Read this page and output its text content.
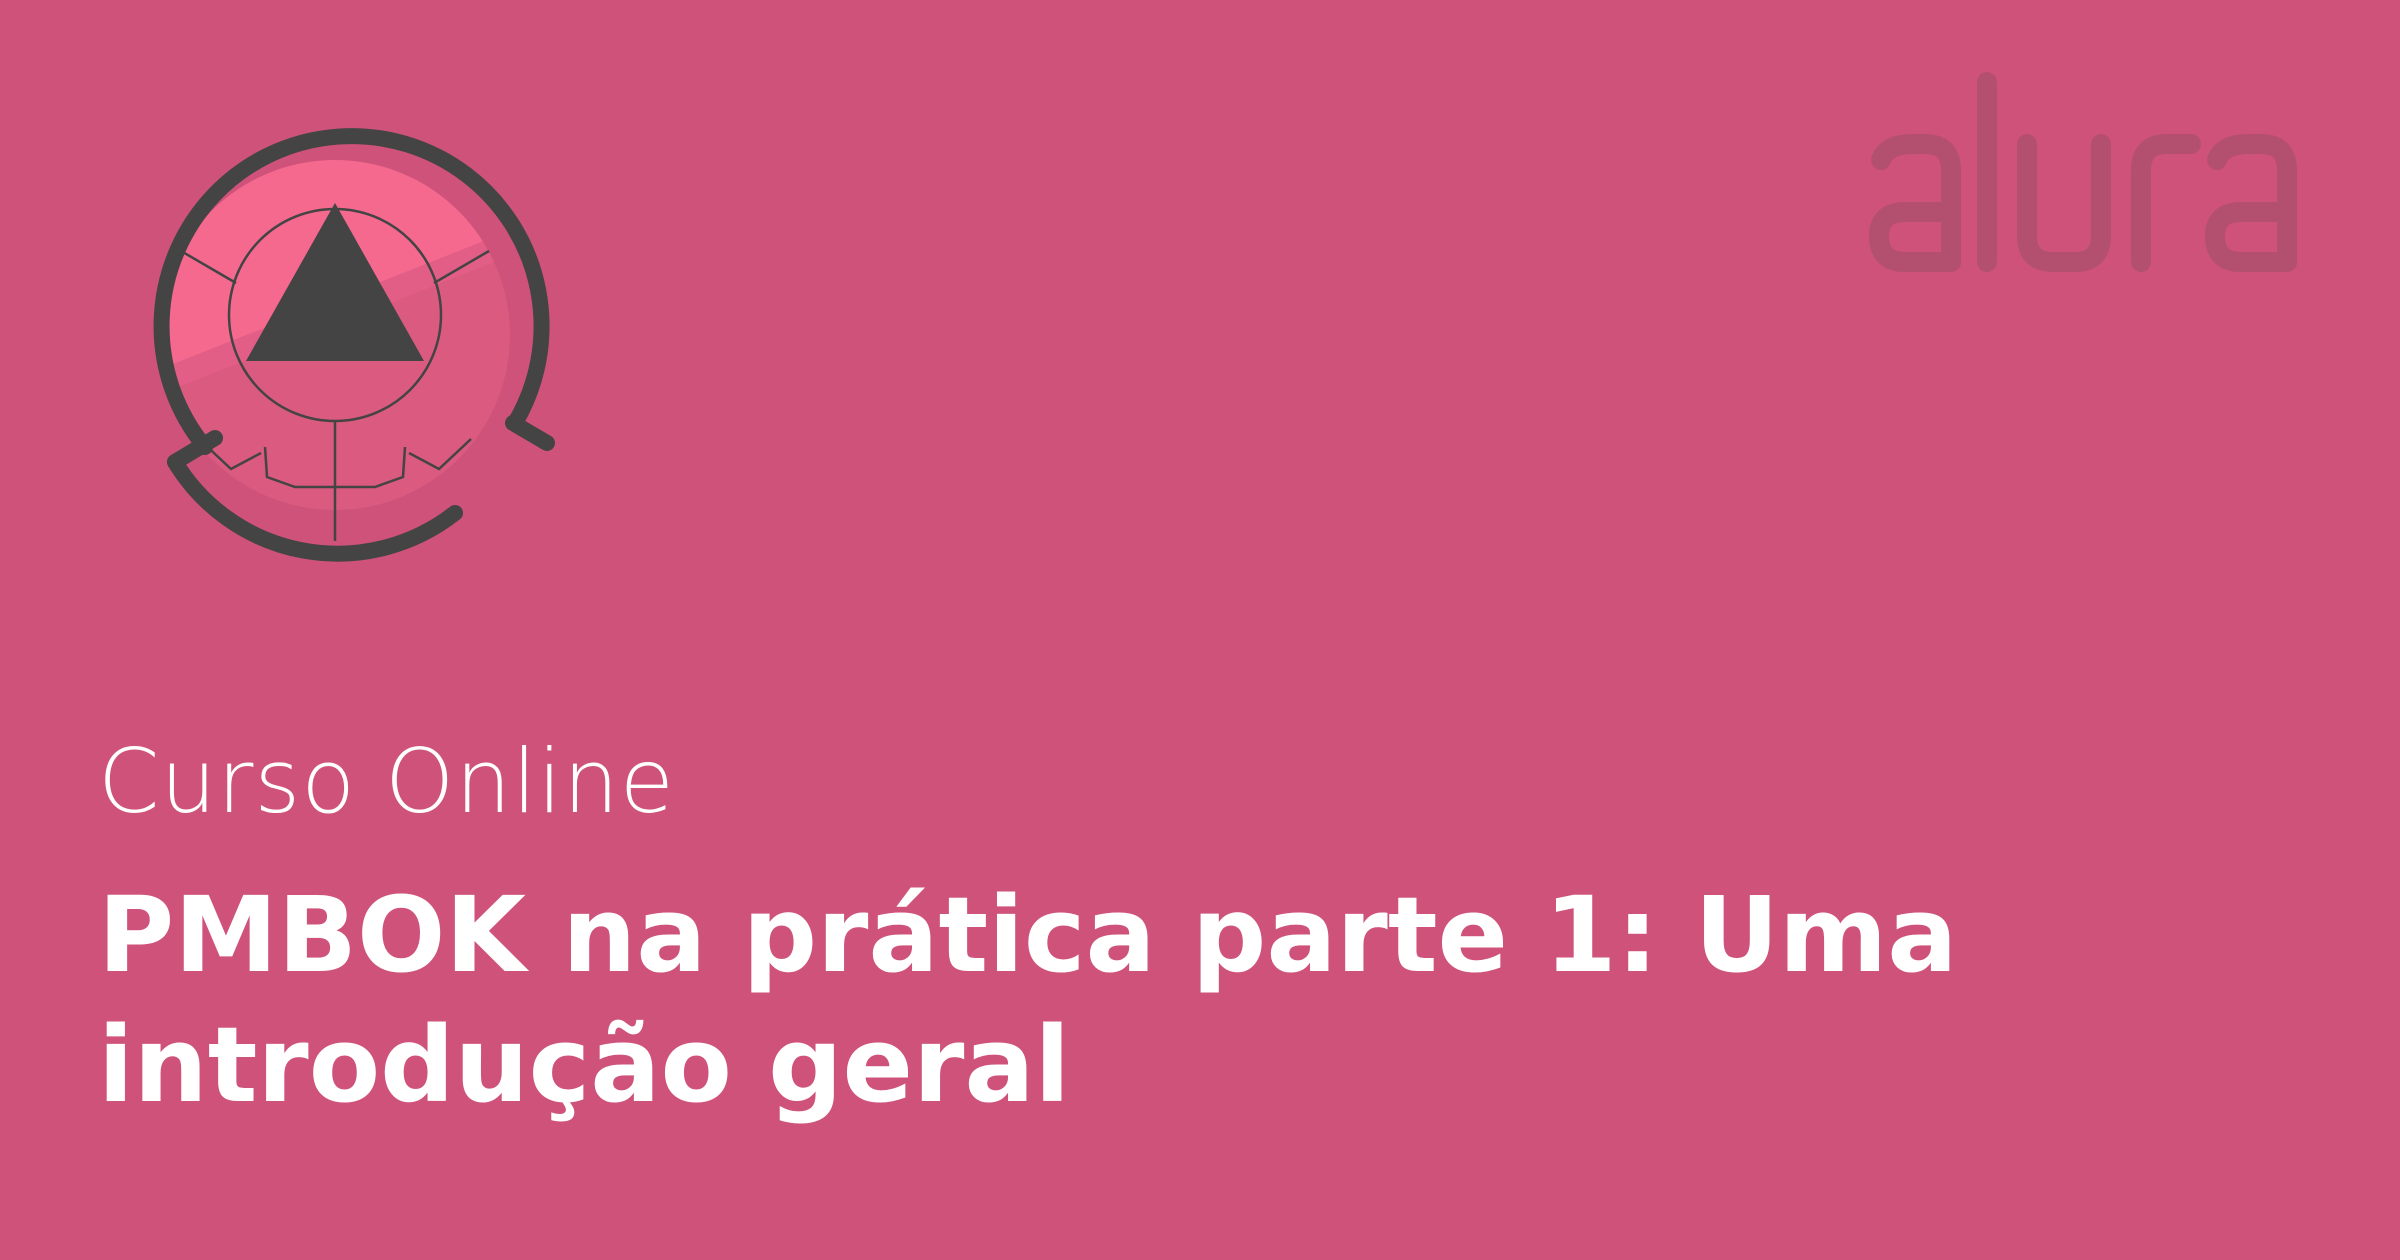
Curso Online
PMBOK na prática parte 1: Uma introdução geral
